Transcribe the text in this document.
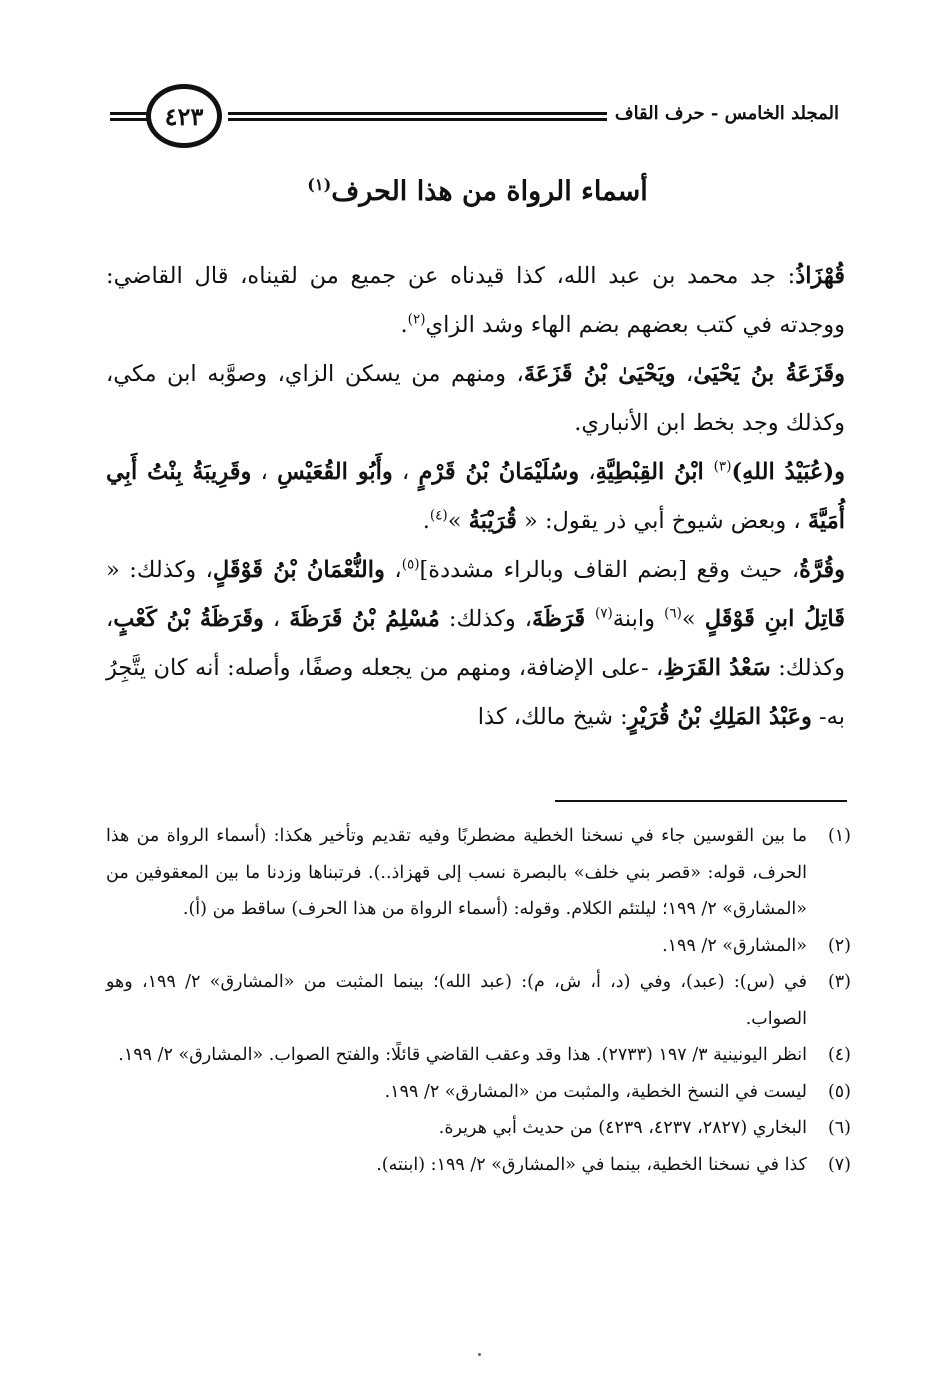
المجلد الخامس - حرف القاف
٤٢٣
أسماء الرواة من هذا الحرف$^{(١)}$

قُهْزَاذُ: جد محمد بن عبد الله، كذا قيدناه عن جميع من لقيناه، قال القاضي: ووجدته في كتب بعضهم بضم الهاء وشد الزاي$^{(٢)}$.

وقَزَعَةُ بنُ يَحْيَىٰ، ويَحْيَىٰ بْنُ قَزَعَةَ، ومنهم من يسكن الزاي، وصوَّبه ابن مكي، وكذلك وجد بخط ابن الأنباري.

و(عُبَيْدُ اللهِ)$^{(٣)}$ ابْنُ القِبْطِيَّةِ، وسُلَيْمَانُ بْنُ قَرْمٍ ، وأَبُو القُعَيْسِ ، وقَرِيبَةُ بِنْتُ أَبِي أُمَيَّةَ ، وبعض شيوخ أبي ذر يقول: « قُرَيْبَةُ »$^{(٤)}$.

وقُرَّةُ، حيث وقع [بضم القاف وبالراء مشددة]$^{(٥)}$، والنُّعْمَانُ بْنُ قَوْقَلٍ، وكذلك: « قَاتِلُ ابنِ قَوْقَلٍ »$^{(٦)}$ وابنة$^{(٧)}$ قَرَظَةَ، وكذلك: مُسْلِمُ بْنُ قَرَظَةَ ، وقَرَظَةُ بْنُ كَعْبٍ، وكذلك: سَعْدُ القَرَظِ، -على الإضافة، ومنهم من يجعله وصفًا، وأصله: أنه كان يتَّجِرُ به- وعَبْدُ المَلِكِ بْنُ قُرَيْرٍ: شيخ مالك، كذا

(١)
ما بين القوسين جاء في نسخنا الخطية مضطربًا وفيه تقديم وتأخير هكذا: (أسماء الرواة من هذا الحرف، قوله: «قصر بني خلف» بالبصرة نسب إلى قهزاذ..). فرتبناها وزدنا ما بين المعقوفين من «المشارق» ٢/ ١٩٩؛ ليلتئم الكلام. وقوله: (أسماء الرواة من هذا الحرف) ساقط من (أ).
(٢)
«المشارق» ٢/ ١٩٩.
(٣)
في (س): (عبد)، وفي (د، أ، ش، م): (عبد الله)؛ بينما المثبت من «المشارق» ٢/ ١٩٩، وهو الصواب.
(٤)
انظر اليونينية ٣/ ١٩٧ (٢٧٣٣). هذا وقد وعقب القاضي قائلًا: والفتح الصواب. «المشارق» ٢/ ١٩٩.
(٥)
ليست في النسخ الخطية، والمثبت من «المشارق» ٢/ ١٩٩.
(٦)
البخاري (٢٨٢٧، ٤٢٣٧، ٤٢٣٩) من حديث أبي هريرة.
(٧)
كذا في نسخنا الخطية، بينما في «المشارق» ٢/ ١٩٩: (ابنته).
